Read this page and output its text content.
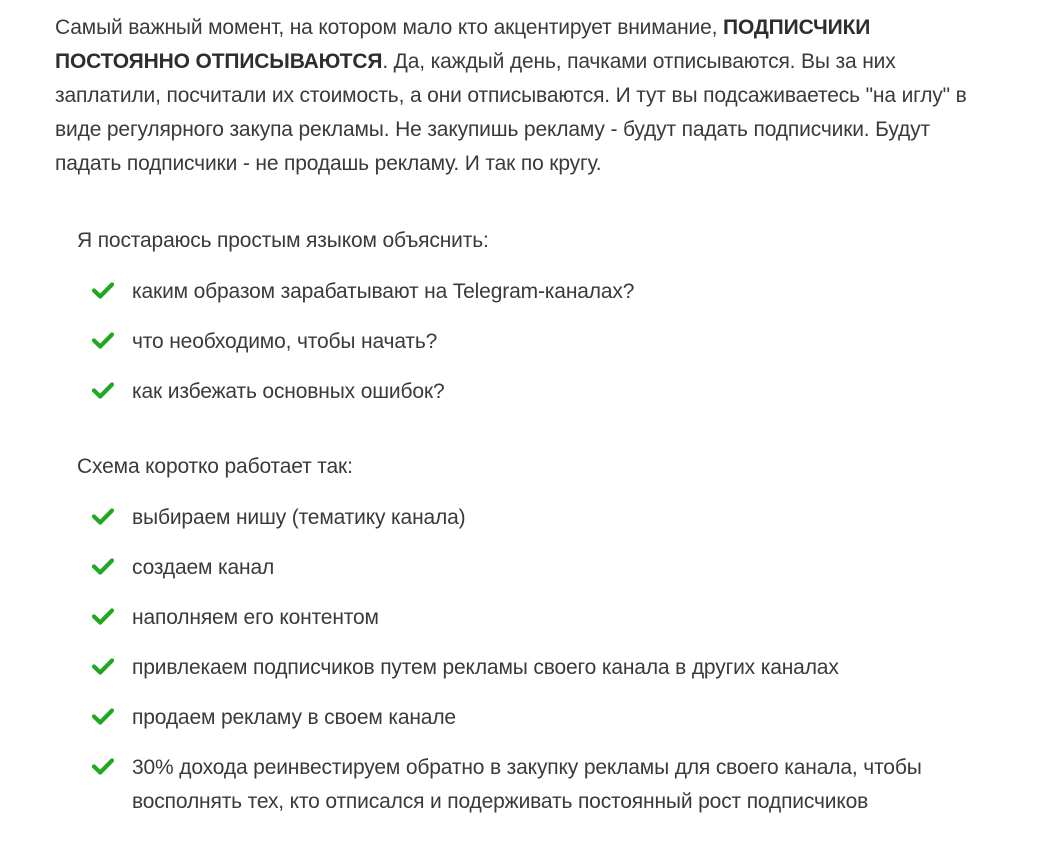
Самый важный момент, на котором мало кто акцентирует внимание, ПОДПИСЧИКИ ПОСТОЯННО ОТПИСЫВАЮТСЯ. Да, каждый день, пачками отписываются. Вы за них заплатили, посчитали их стоимость, а они отписываются. И тут вы подсаживаетесь "на иглу" в виде регулярного закупа рекламы. Не закупишь рекламу - будут падать подписчики. Будут падать подписчики - не продашь рекламу. И так по кругу.

Я постараюсь простым языком объяснить:

каким образом зарабатывают на Telegram-каналах?
что необходимо, чтобы начать?
как избежать основных ошибок?

Схема коротко работает так:

выбираем нишу (тематику канала)
создаем канал
наполняем его контентом
привлекаем подписчиков путем рекламы своего канала в других каналах
продаем рекламу в своем канале
30% дохода реинвестируем обратно в закупку рекламы для своего канала, чтобы восполнять тех, кто отписался и подерживать постоянный рост подписчиков
